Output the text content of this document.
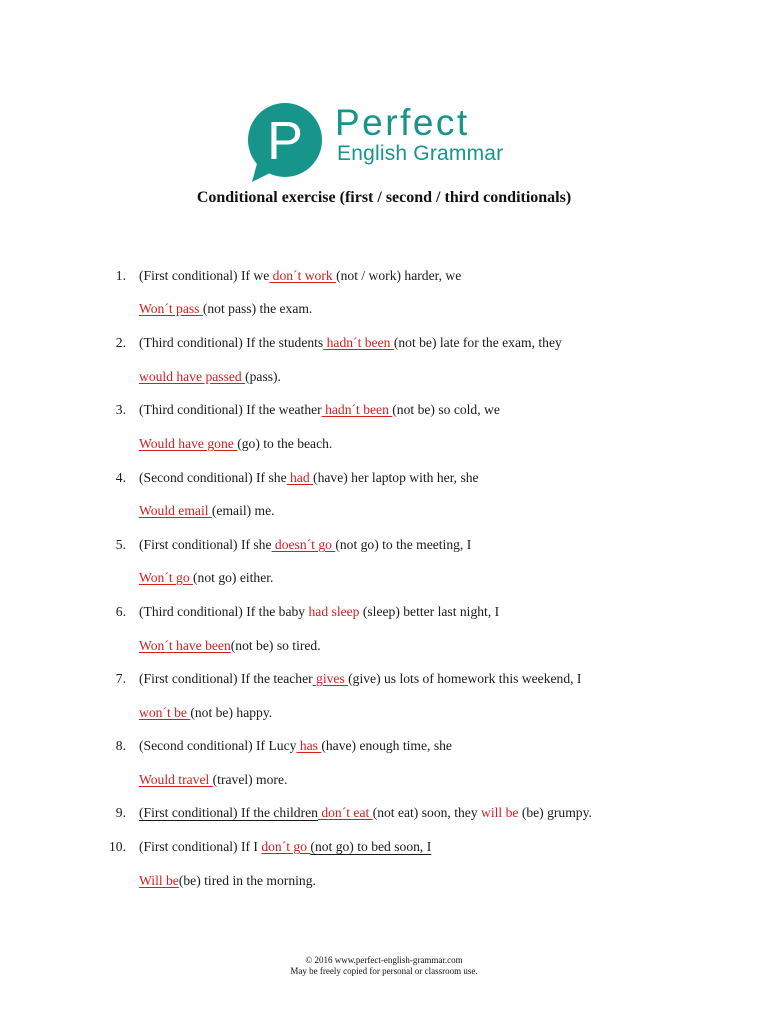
P Perfect
English Grammar
Conditional exercise (first / second / third conditionals)
1. (First conditional) If we don´t work (not / work) harder, we
Won´t pass (not pass) the exam.
2. (Third conditional) If the students hadn´t been (not be) late for the exam, they
would have passed (pass).
3. (Third conditional) If the weather hadn´t been (not be) so cold, we
Would have gone (go) to the beach.
4. (Second conditional) If she had (have) her laptop with her, she
Would email (email) me.
5. (First conditional) If she doesn´t go (not go) to the meeting, I
Won´t go (not go) either.
6. (Third conditional) If the baby had sleep (sleep) better last night, I
Won´t have been(not be) so tired.
7. (First conditional) If the teacher gives (give) us lots of homework this weekend, I
won´t be (not be) happy.
8. (Second conditional) If Lucy has (have) enough time, she
Would travel (travel) more.
9. (First conditional) If the children don´t eat (not eat) soon, they will be (be) grumpy.
10. (First conditional) If I don´t go (not go) to bed soon, I
Will be(be) tired in the morning.
© 2016 www.perfect-english-grammar.com
May be freely copied for personal or classroom use.
